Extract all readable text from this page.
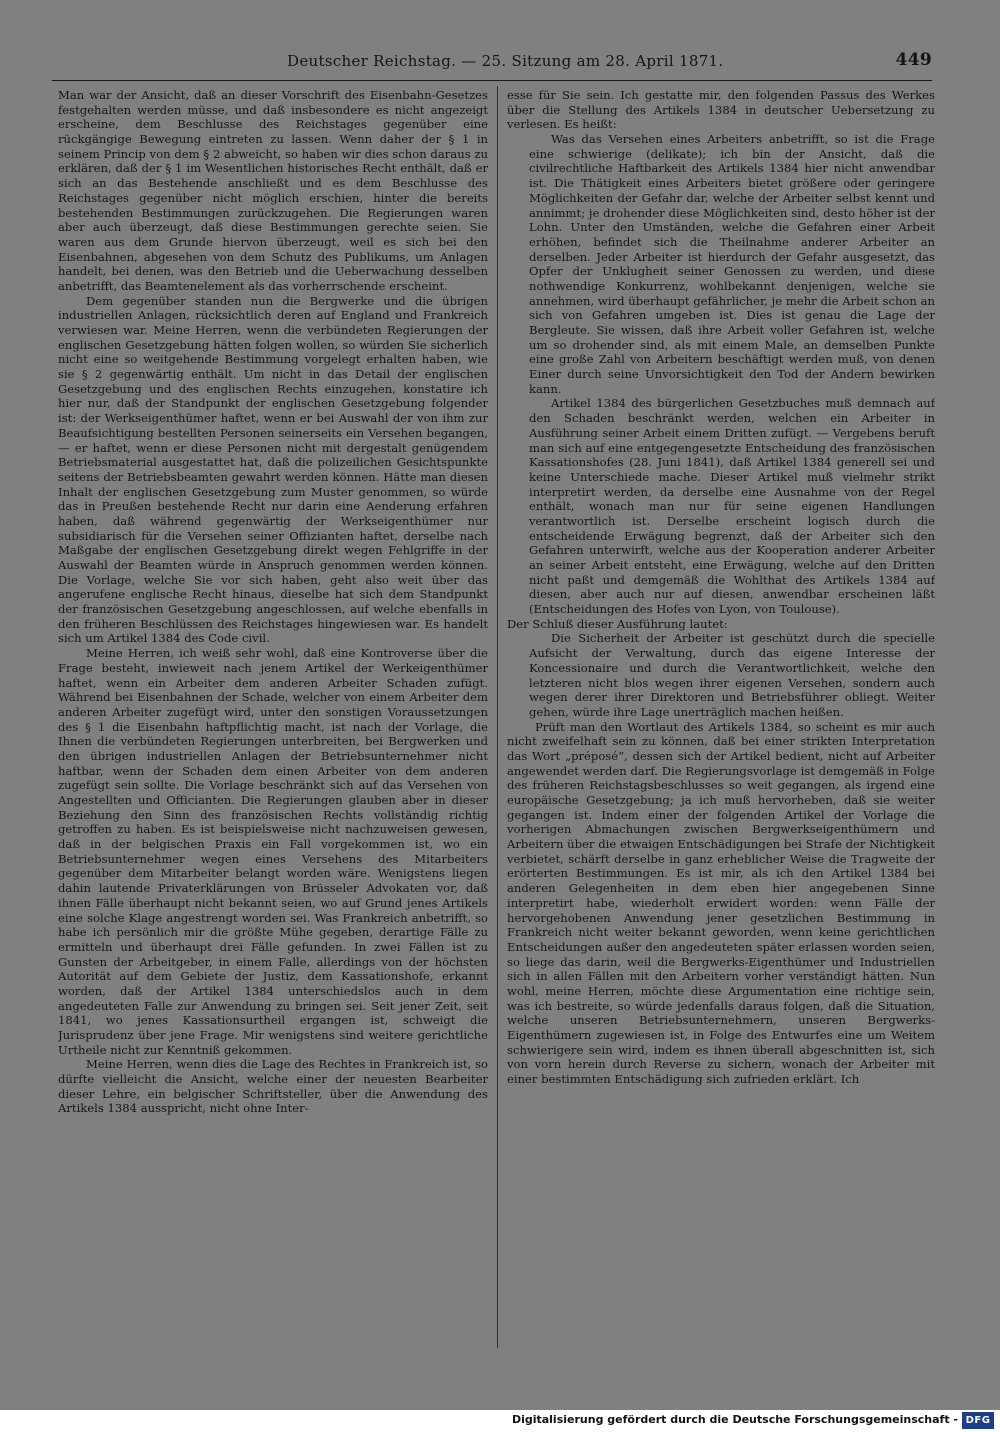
Deutscher Reichstag. — 25. Sitzung am 28. April 1871.	449

Man war der Ansicht, daß an dieser Vorschrift des Eisenbahn-Gesetzes festgehalten werden müsse, und daß insbesondere es nicht angezeigt erscheine, dem Beschlusse des Reichstages gegenüber eine rückgängige Bewegung eintreten zu lassen. Wenn daher der § 1 in seinem Princip von dem § 2 abweicht, so haben wir dies schon daraus zu erklären, daß der § 1 im Wesentlichen historisches Recht enthält, daß er sich an das Bestehende anschließt und es dem Beschlusse des Reichstages gegenüber nicht möglich erschien, hinter die bereits bestehenden Bestimmungen zurückzugehen. Die Regierungen waren aber auch überzeugt, daß diese Bestimmungen gerechte seien. Sie waren aus dem Grunde hiervon überzeugt, weil es sich bei den Eisenbahnen, abgesehen von dem Schutz des Publikums, um Anlagen handelt, bei denen, was den Betrieb und die Ueberwachung desselben anbetrifft, das Beamtenelement als das vorherrschende erscheint.

Dem gegenüber standen nun die Bergwerke und die übrigen industriellen Anlagen, rücksichtlich deren auf England und Frankreich verwiesen war. Meine Herren, wenn die verbündeten Regierungen der englischen Gesetzgebung hätten folgen wollen, so würden Sie sicherlich nicht eine so weitgehende Bestimmung vorgelegt erhalten haben, wie sie § 2 gegenwärtig enthält. Um nicht in das Detail der englischen Gesetzgebung und des englischen Rechts einzugehen, konstatire ich hier nur, daß der Standpunkt der englischen Gesetzgebung folgender ist: der Werkseigenthümer haftet, wenn er bei Auswahl der von ihm zur Beaufsichtigung bestellten Personen seinerseits ein Versehen begangen, — er haftet, wenn er diese Personen nicht mit dergestalt genügendem Betriebsmaterial ausgestattet hat, daß die polizeilichen Gesichtspunkte seitens der Betriebsbeamten gewahrt werden können. Hätte man diesen Inhalt der englischen Gesetzgebung zum Muster genommen, so würde das in Preußen bestehende Recht nur darin eine Aenderung erfahren haben, daß während gegenwärtig der Werkseigenthümer nur subsidiarisch für die Versehen seiner Offizianten haftet, derselbe nach Maßgabe der englischen Gesetzgebung direkt wegen Fehlgriffe in der Auswahl der Beamten würde in Anspruch genommen werden können. Die Vorlage, welche Sie vor sich haben, geht also weit über das angerufene englische Recht hinaus, dieselbe hat sich dem Standpunkt der französischen Gesetzgebung angeschlossen, auf welche ebenfalls in den früheren Beschlüssen des Reichstages hingewiesen war. Es handelt sich um Artikel 1384 des Code civil.

Meine Herren, ich weiß sehr wohl, daß eine Kontroverse über die Frage besteht, inwieweit nach jenem Artikel der Werkeigenthümer haftet, wenn ein Arbeiter dem anderen Arbeiter Schaden zufügt. Während bei Eisenbahnen der Schade, welcher von einem Arbeiter dem anderen Arbeiter zugefügt wird, unter den sonstigen Voraussetzungen des § 1 die Eisenbahn haftpflichtig macht, ist nach der Vorlage, die Ihnen die verbündeten Regierungen unterbreiten, bei Bergwerken und den übrigen industriellen Anlagen der Betriebsunternehmer nicht haftbar, wenn der Schaden dem einen Arbeiter von dem anderen zugefügt sein sollte. Die Vorlage beschränkt sich auf das Versehen von Angestellten und Officianten. Die Regierungen glauben aber in dieser Beziehung den Sinn des französischen Rechts vollständig richtig getroffen zu haben. Es ist beispielsweise nicht nachzuweisen gewesen, daß in der belgischen Praxis ein Fall vorgekommen ist, wo ein Betriebsunternehmer wegen eines Versehens des Mitarbeiters gegenüber dem Mitarbeiter belangt worden wäre. Wenigstens liegen dahin lautende Privaterklärungen von Brüsseler Advokaten vor, daß ihnen Fälle überhaupt nicht bekannt seien, wo auf Grund jenes Artikels eine solche Klage angestrengt worden sei. Was Frankreich anbetrifft, so habe ich persönlich mir die größte Mühe gegeben, derartige Fälle zu ermitteln und überhaupt drei Fälle gefunden. In zwei Fällen ist zu Gunsten der Arbeitgeber, in einem Falle, allerdings von der höchsten Autorität auf dem Gebiete der Justiz, dem Kassationshofe, erkannt worden, daß der Artikel 1384 unterschiedslos auch in dem angedeuteten Falle zur Anwendung zu bringen sei. Seit jener Zeit, seit 1841, wo jenes Kassationsurtheil ergangen ist, schweigt die Jurisprudenz über jene Frage. Mir wenigstens sind weitere gerichtliche Urtheile nicht zur Kenntniß gekommen.

Meine Herren, wenn dies die Lage des Rechtes in Frankreich ist, so dürfte vielleicht die Ansicht, welche einer der neuesten Bearbeiter dieser Lehre, ein belgischer Schriftsteller, über die Anwendung des Artikels 1384 ausspricht, nicht ohne Inter-

esse für Sie sein. Ich gestatte mir, den folgenden Passus des Werkes über die Stellung des Artikels 1384 in deutscher Uebersetzung zu verlesen. Es heißt:

Was das Versehen eines Arbeiters anbetrifft, so ist die Frage eine schwierige (delikate); ich bin der Ansicht, daß die civilrechtliche Haftbarkeit des Artikels 1384 hier nicht anwendbar ist. Die Thätigkeit eines Arbeiters bietet größere oder geringere Möglichkeiten der Gefahr dar, welche der Arbeiter selbst kennt und annimmt; je drohender diese Möglichkeiten sind, desto höher ist der Lohn. Unter den Umständen, welche die Gefahren einer Arbeit erhöhen, befindet sich die Theilnahme anderer Arbeiter an derselben. Jeder Arbeiter ist hierdurch der Gefahr ausgesetzt, das Opfer der Unklugheit seiner Genossen zu werden, und diese nothwendige Konkurrenz, wohlbekannt denjenigen, welche sie annehmen, wird überhaupt gefährlicher, je mehr die Arbeit schon an sich von Gefahren umgeben ist. Dies ist genau die Lage der Bergleute. Sie wissen, daß ihre Arbeit voller Gefahren ist, welche um so drohender sind, als mit einem Male, an demselben Punkte eine große Zahl von Arbeitern beschäftigt werden muß, von denen Einer durch seine Unvorsichtigkeit den Tod der Andern bewirken kann.

Artikel 1384 des bürgerlichen Gesetzbuches muß demnach auf den Schaden beschränkt werden, welchen ein Arbeiter in Ausführung seiner Arbeit einem Dritten zufügt. — Vergebens beruft man sich auf eine entgegengesetzte Entscheidung des französischen Kassationshofes (28. Juni 1841), daß Artikel 1384 generell sei und keine Unterschiede mache. Dieser Artikel muß vielmehr strikt interpretirt werden, da derselbe eine Ausnahme von der Regel enthält, wonach man nur für seine eigenen Handlungen verantwortlich ist. Derselbe erscheint logisch durch die entscheidende Erwägung begrenzt, daß der Arbeiter sich den Gefahren unterwirft, welche aus der Kooperation anderer Arbeiter an seiner Arbeit entsteht, eine Erwägung, welche auf den Dritten nicht paßt und demgemäß die Wohlthat des Artikels 1384 auf diesen, aber auch nur auf diesen, anwendbar erscheinen läßt (Entscheidungen des Hofes von Lyon, von Toulouse).

Der Schluß dieser Ausführung lautet:

Die Sicherheit der Arbeiter ist geschützt durch die specielle Aufsicht der Verwaltung, durch das eigene Interesse der Koncessionaire und durch die Verantwortlichkeit, welche den letzteren nicht blos wegen ihrer eigenen Versehen, sondern auch wegen derer ihrer Direktoren und Betriebsführer obliegt. Weiter gehen, würde ihre Lage unerträglich machen heißen.

Prüft man den Wortlaut des Artikels 1384, so scheint es mir auch nicht zweifelhaft sein zu können, daß bei einer strikten Interpretation das Wort „préposé“, dessen sich der Artikel bedient, nicht auf Arbeiter angewendet werden darf. Die Regierungsvorlage ist demgemäß in Folge des früheren Reichstagsbeschlusses so weit gegangen, als irgend eine europäische Gesetzgebung; ja ich muß hervorheben, daß sie weiter gegangen ist. Indem einer der folgenden Artikel der Vorlage die vorherigen Abmachungen zwischen Bergwerkseigenthümern und Arbeitern über die etwaigen Entschädigungen bei Strafe der Nichtigkeit verbietet, schärft derselbe in ganz erheblicher Weise die Tragweite der erörterten Bestimmungen. Es ist mir, als ich den Artikel 1384 bei anderen Gelegenheiten in dem eben hier angegebenen Sinne interpretirt habe, wiederholt erwidert worden: wenn Fälle der hervorgehobenen Anwendung jener gesetzlichen Bestimmung in Frankreich nicht weiter bekannt geworden, wenn keine gerichtlichen Entscheidungen außer den angedeuteten später erlassen worden seien, so liege das darin, weil die Bergwerks-Eigenthümer und Industriellen sich in allen Fällen mit den Arbeitern vorher verständigt hätten. Nun wohl, meine Herren, möchte diese Argumentation eine richtige sein, was ich bestreite, so würde jedenfalls daraus folgen, daß die Situation, welche unseren Betriebsunternehmern, unseren Bergwerks-Eigenthümern zugewiesen ist, in Folge des Entwurfes eine um Weitem schwierigere sein wird, indem es ihnen überall abgeschnitten ist, sich von vorn herein durch Reverse zu sichern, wonach der Arbeiter mit einer bestimmten Entschädigung sich zufrieden erklärt. Ich

Digitalisierung gefördert durch die Deutsche Forschungsgemeinschaft - DFG
